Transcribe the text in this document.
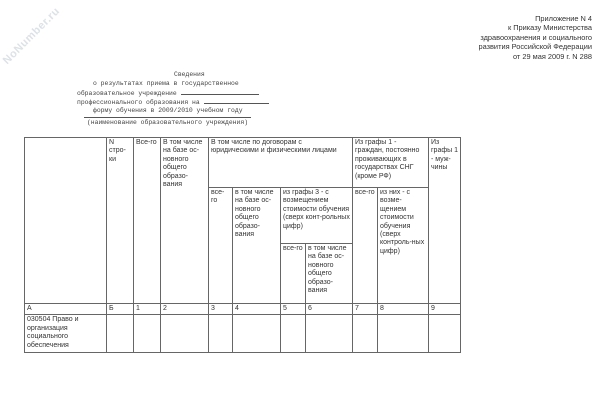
NoNumber.ru	Приложение N 4
к Приказу Министерства
здравоохранения и социального
развития Российской Федерации
от 29 мая 2009 г. N 288
Сведения
о результатах приема в государственное
образовательное учреждение
профессионального образования на
форму обучения в 2009/2010 учебном году
(наименование образовательного учреждения)
	N стро-ки	Все-го	В том числе на базе ос-новного общего образо-вания	В том числе по договорам с юридическими и физическими лицами				Из графы 1 - граждан, постоянно проживающих в государствах СНГ (кроме РФ)		Из графы 1 - муж-чины
				все-го	в том числе на базе ос-новного общего образо-вания	из графы 3 - с возмещением стоимости обучения (сверх конт-рольных цифр)		все-го	из них - с возме-щением стоимости обучения (сверх контроль-ных цифр)	
						все-го	в том числе на базе ос-новного общего образо-вания			
А	Б	1	2	3	4	5	6	7	8	9
030504 Право и организация социального обеспечения										
